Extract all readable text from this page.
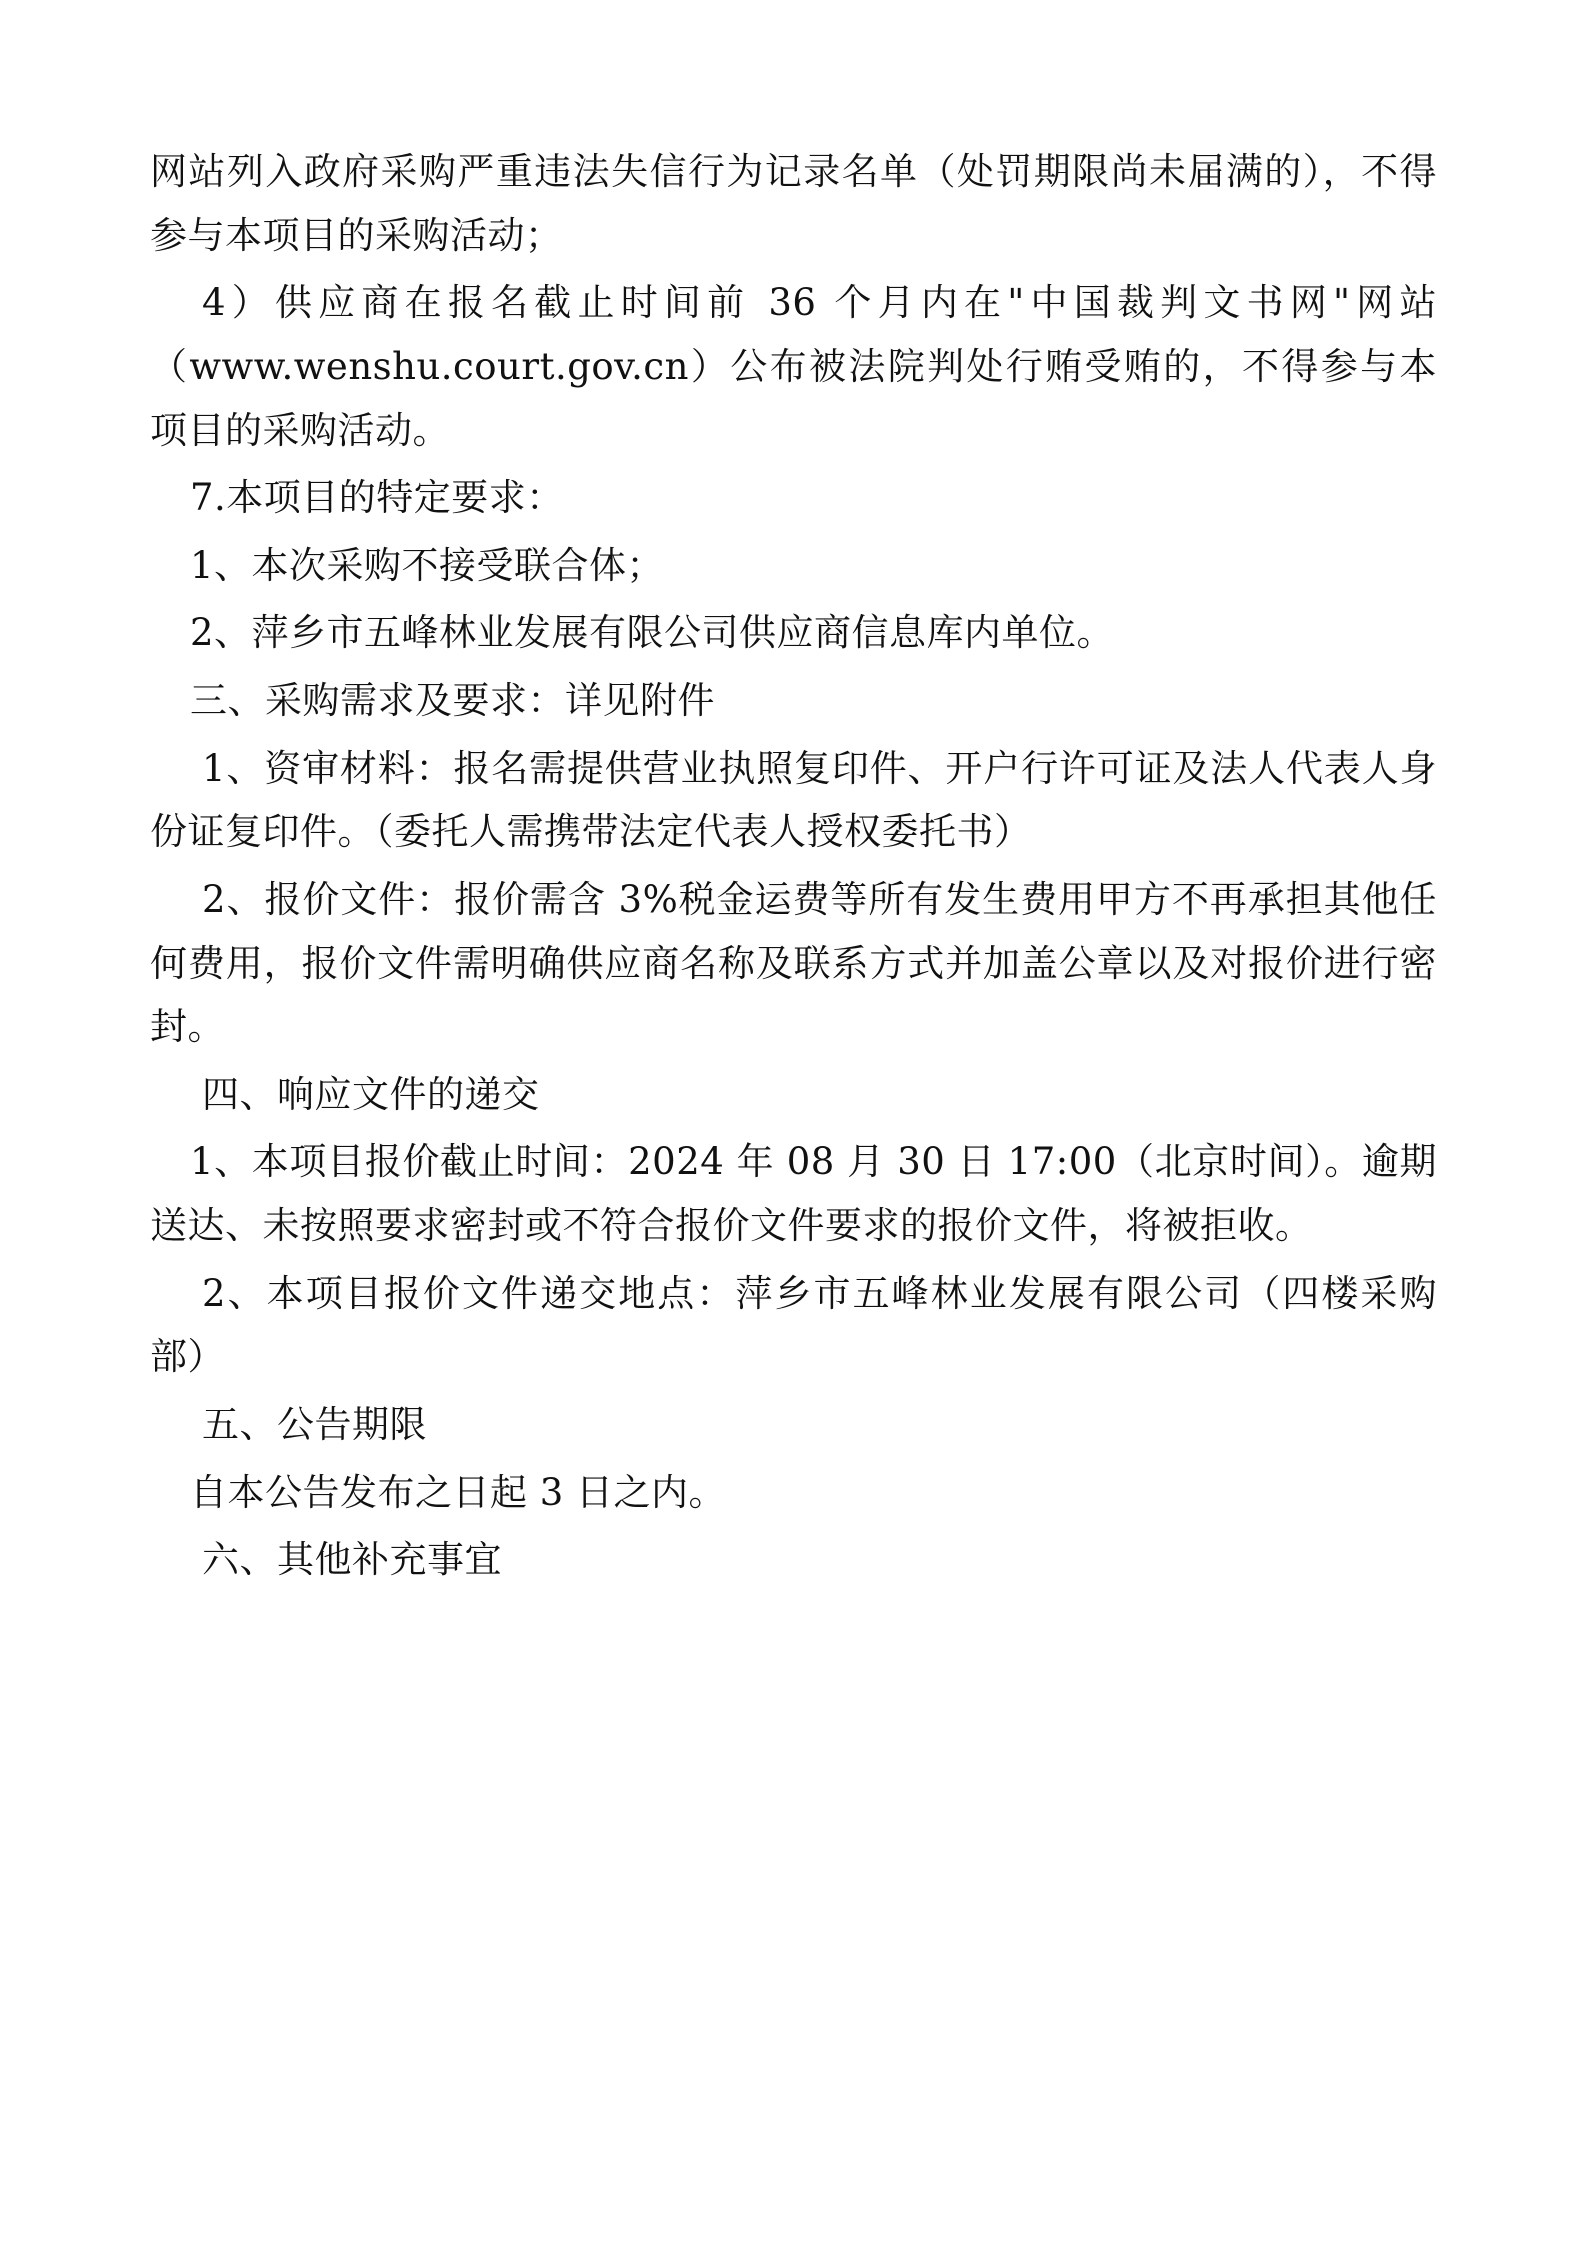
网站列入政府采购严重违法失信行为记录名单（处罚期限尚未届满的），不得参与本项目的采购活动；

4）供应商在报名截止时间前 36 个月内在"中国裁判文书网"网站（www.wenshu.court.gov.cn）公布被法院判处行贿受贿的，不得参与本项目的采购活动。

7.本项目的特定要求：

1、本次采购不接受联合体；

2、萍乡市五峰林业发展有限公司供应商信息库内单位。

三、采购需求及要求：详见附件

1、资审材料：报名需提供营业执照复印件、开户行许可证及法人代表人身份证复印件。（委托人需携带法定代表人授权委托书）

2、报价文件：报价需含 3%税金运费等所有发生费用甲方不再承担其他任何费用，报价文件需明确供应商名称及联系方式并加盖公章以及对报价进行密封。

四、响应文件的递交

1、本项目报价截止时间：2024 年 08 月 30 日 17:00（北京时间）。逾期送达、未按照要求密封或不符合报价文件要求的报价文件，将被拒收。

2、本项目报价文件递交地点：萍乡市五峰林业发展有限公司（四楼采购部）

五、公告期限

自本公告发布之日起 3 日之内。

六、其他补充事宜
